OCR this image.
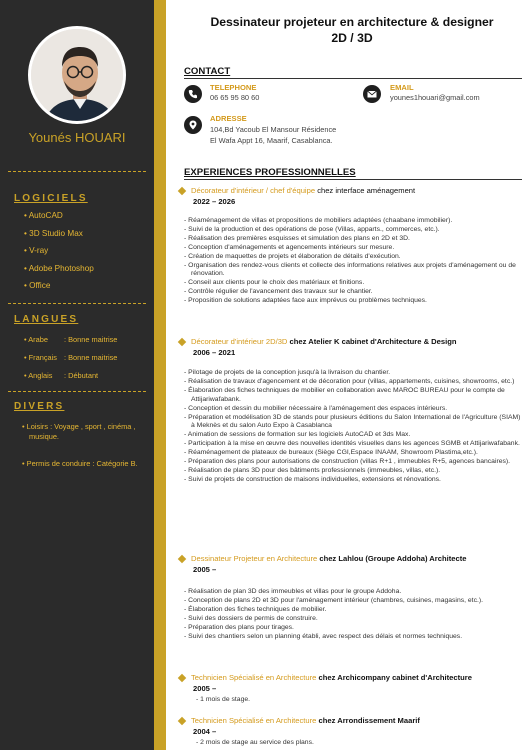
Younés HOUARI
LOGICIELS
• AutoCAD
• 3D Studio Max
• V-ray
• Adobe Photoshop
• Office
LANGUES
• Arabe	: Bonne maitrise
• Français : Bonne maitrise
• Anglais	: Débutant
DIVERS
• Loisirs : Voyage , sport , cinéma , musique.
• Permis de conduire : Catégorie B.
Dessinateur projeteur en architecture & designer
2D / 3D
CONTACT
TELEPHONE
06 65 95 80 60
EMAIL
younes1houari@gmail.com
ADRESSE
104,Bd Yacoub El Mansour Résidence
El Wafa Appt 16, Maarif, Casablanca.
EXPERIENCES PROFESSIONNELLES
Décorateur d'intérieur / chef d'équipe chez interface aménagement
2022 – 2026
- Réaménagement de villas et propositions de mobiliers adaptées (chaabane immobilier).
- Suivi de la production et des opérations de pose (Villas, apparts., commerces, etc.).
- Réalisation des premières esquisses et simulation des plans en 2D et 3D.
- Conception d'aménagements et agencements intérieurs sur mesure.
- Création de maquettes de projets et élaboration de détails d'exécution.
- Organisation des rendez-vous clients et collecte des informations relatives aux projets d'aménagement ou de rénovation.
- Conseil aux clients pour le choix des matériaux et finitions.
- Contrôle régulier de l'avancement des travaux sur le chantier.
- Proposition de solutions adaptées face aux imprévus ou problèmes techniques.
Décorateur d'intérieur 2D/3D chez Atelier K cabinet d'Architecture & Design
2006 – 2021
- Pilotage de projets de la conception jusqu'à la livraison du chantier.
- Réalisation de travaux d'agencement et de décoration pour (villas, appartements, cuisines, showrooms, etc.)
- Élaboration des fiches techniques de mobilier en collaboration avec MAROC BUREAU pour le compte de Attijariwafabank.
- Conception et dessin du mobilier nécessaire à l'aménagement des espaces intérieurs.
- Préparation et modélisation 3D de stands pour plusieurs éditions du Salon International de l'Agriculture (SIAM) à Meknès et du salon Auto Expo à Casablanca
- Animation de sessions de formation sur les logiciels AutoCAD et 3ds Max.
- Participation à la mise en œuvre des nouvelles identités visuelles dans les agences SGMB et Attijariwafabank.
- Réaménagement de plateaux de bureaux (Siège CGI,Espace INAAM, Showroom Plastima,etc.).
- Préparation des plans pour autorisations de construction (villas R+1 , immeubles R+5, agences bancaires).
- Réalisation de plans 3D pour des bâtiments professionnels (immeubles, villas, etc.).
- Suivi de projets de construction de maisons individuelles, extensions et rénovations.
Dessinateur Projeteur en Architecture chez Lahlou (Groupe Addoha) Architecte
2005 –
- Réalisation de plan 3D des immeubles et villas pour le groupe Addoha.
- Conception de plans 2D et 3D pour l'aménagement intérieur (chambres, cuisines, magasins, etc.).
- Élaboration des fiches techniques de mobilier.
- Suivi des dossiers de permis de construire.
- Préparation des plans pour tirages.
- Suivi des chantiers selon un planning établi, avec respect des délais et normes techniques.
Technicien Spécialisé en Architecture chez Archicompany cabinet d'Architecture
2005 –
- 1 mois de stage.
Technicien Spécialisé en Architecture chez Arrondissement Maarif
2004 –
- 2 mois de stage au service des plans.
